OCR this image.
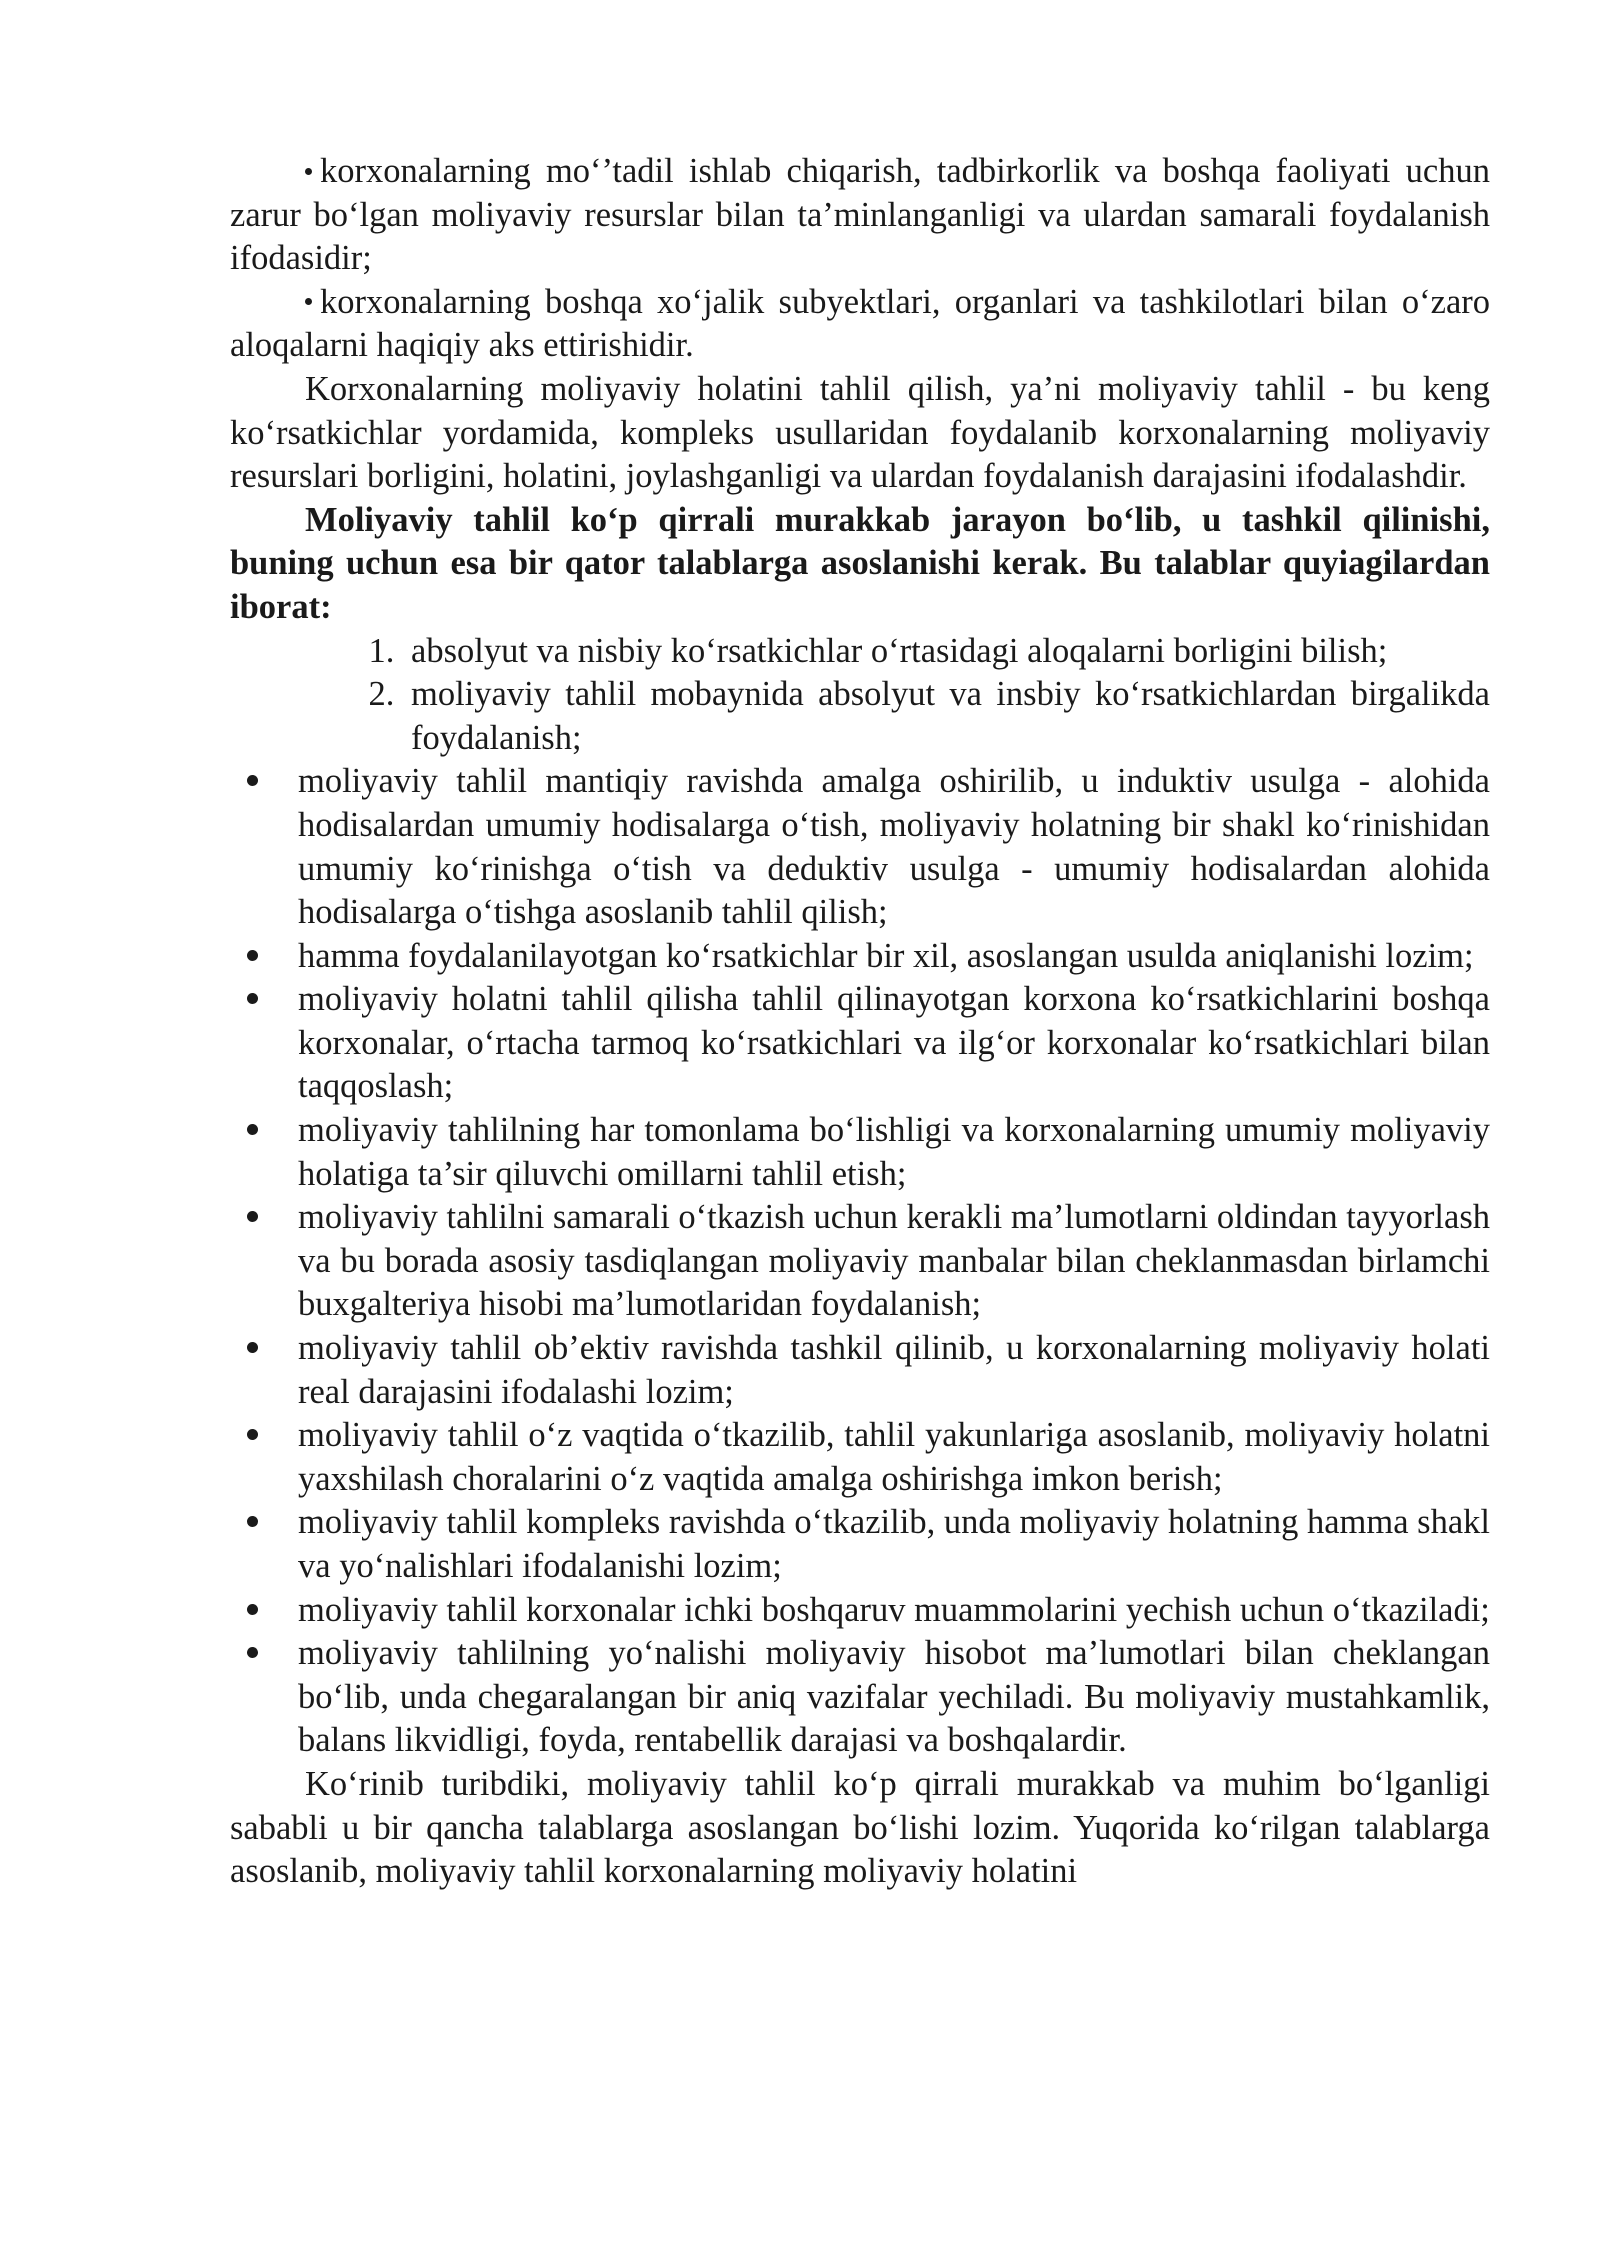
korxonalarning mo‘’tadil ishlab chiqarish, tadbirkorlik va boshqa faoliyati uchun zarur bo‘lgan moliyaviy resurslar bilan ta’minlanganligi va ulardan samarali foydalanish ifodasidir;

korxonalarning boshqa xo‘jalik subyektlari, organlari va tashkilotlari bilan o‘zaro aloqalarni haqiqiy aks ettirishidir.

Korxonalarning moliyaviy holatini tahlil qilish, ya’ni moliyaviy tahlil - bu keng ko‘rsatkichlar yordamida, kompleks usullaridan foydalanib korxonalarning moliyaviy resurslari borligini, holatini, joylashganligi va ulardan foydalanish darajasini ifodalashdir.

Moliyaviy tahlil ko‘p qirrali murakkab jarayon bo‘lib, u tashkil qilinishi, buning uchun esa bir qator talablarga asoslanishi kerak. Bu talablar quyiagilardan iborat:

1. absolyut va nisbiy ko‘rsatkichlar o‘rtasidagi aloqalarni borligini bilish;
2. moliyaviy tahlil mobaynida absolyut va insbiy ko‘rsatkichlardan birgalikda foydalanish;
moliyaviy tahlil mantiqiy ravishda amalga oshirilib, u induktiv usulga - alohida hodisalardan umumiy hodisalarga o‘tish, moliyaviy holatning bir shakl ko‘rinishidan umumiy ko‘rinishga o‘tish va deduktiv usulga - umumiy hodisalardan alohida hodisalarga o‘tishga asoslanib tahlil qilish;
hamma foydalanilayotgan ko‘rsatkichlar bir xil, asoslangan usulda aniqlanishi lozim;
moliyaviy holatni tahlil qilisha tahlil qilinayotgan korxona ko‘rsatkichlarini boshqa korxonalar, o‘rtacha tarmoq ko‘rsatkichlari va ilg‘or korxonalar ko‘rsatkichlari bilan taqqoslash;
moliyaviy tahlilning har tomonlama bo‘lishligi va korxonalarning umumiy moliyaviy holatiga ta’sir qiluvchi omillarni tahlil etish;
moliyaviy tahlilni samarali o‘tkazish uchun kerakli ma’lumotlarni oldindan tayyorlash va bu borada asosiy tasdiqlangan moliyaviy manbalar bilan cheklanmasdan birlamchi buxgalteriya hisobi ma’lumotlaridan foydalanish;
moliyaviy tahlil ob’ektiv ravishda tashkil qilinib, u korxonalarning moliyaviy holati real darajasini ifodalashi lozim;
moliyaviy tahlil o‘z vaqtida o‘tkazilib, tahlil yakunlariga asoslanib, moliyaviy holatni yaxshilash choralarini o‘z vaqtida amalga oshirishga imkon berish;
moliyaviy tahlil kompleks ravishda o‘tkazilib, unda moliyaviy holatning hamma shakl va yo‘nalishlari ifodalanishi lozim;
moliyaviy tahlil korxonalar ichki boshqaruv muammolarini yechish uchun o‘tkaziladi;
moliyaviy tahlilning yo‘nalishi moliyaviy hisobot ma’lumotlari bilan cheklangan bo‘lib, unda chegaralangan bir aniq vazifalar yechiladi. Bu moliyaviy mustahkamlik, balans likvidligi, foyda, rentabellik darajasi va boshqalardir.

Ko‘rinib turibdiki, moliyaviy tahlil ko‘p qirrali murakkab va muhim bo‘lganligi sababli u bir qancha talablarga asoslangan bo‘lishi lozim. Yuqorida ko‘rilgan talablarga asoslanib, moliyaviy tahlil korxonalarning moliyaviy holatini
